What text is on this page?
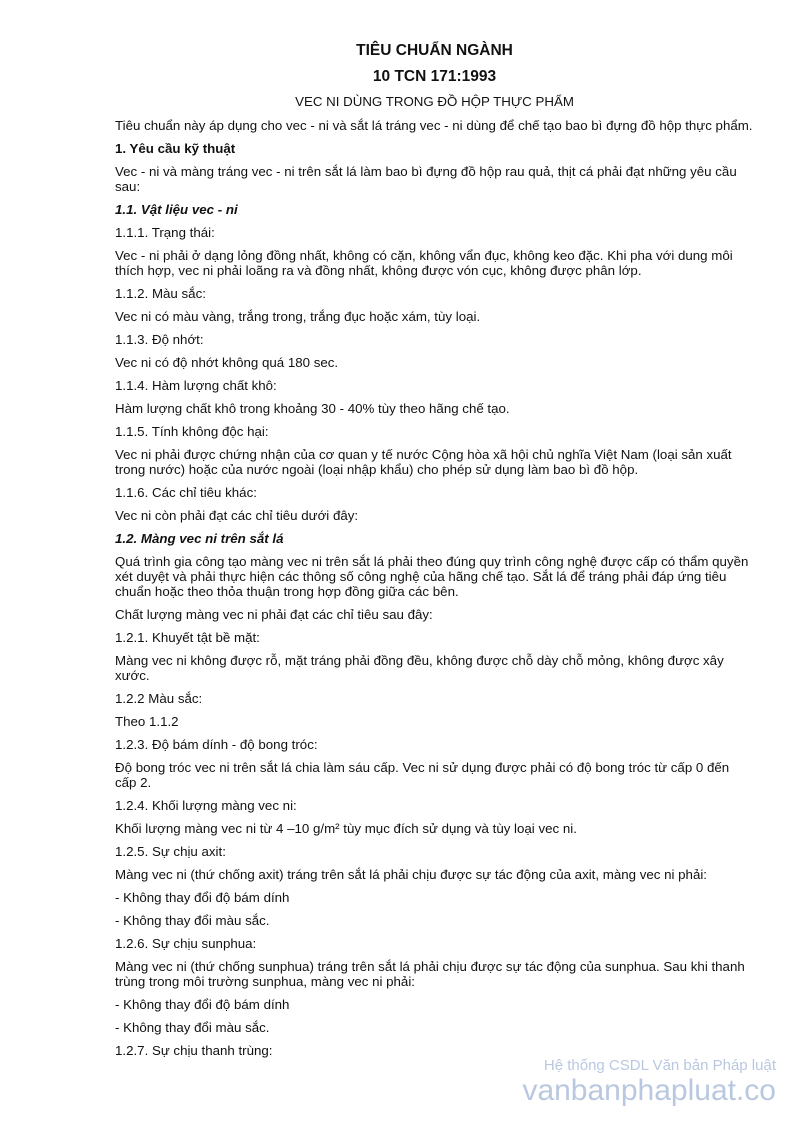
TIÊU CHUẨN NGÀNH
10 TCN 171:1993
VEC NI DÙNG TRONG ĐỒ HỘP THỰC PHẨM
Tiêu chuẩn này áp dụng cho vec - ni và sắt lá tráng vec - ni dùng để chế tạo bao bì đựng đồ hộp thực phẩm.
1. Yêu cầu kỹ thuật
Vec - ni và màng tráng vec - ni trên sắt lá làm bao bì đựng đồ hộp rau quả, thịt cá phải đạt những yêu cầu sau:
1.1. Vật liệu vec - ni
1.1.1. Trạng thái:
Vec - ni phải ở dạng lỏng đồng nhất, không có cặn, không vẩn đục, không keo đặc. Khi pha với dung môi thích hợp, vec ni phải loãng ra và đồng nhất, không được vón cục, không được phân lớp.
1.1.2. Màu sắc:
Vec ni có màu vàng, trắng trong, trắng đục hoặc xám, tùy loại.
1.1.3. Độ nhớt:
Vec ni có độ nhớt không quá 180 sec.
1.1.4. Hàm lượng chất khô:
Hàm lượng chất khô trong khoảng 30 - 40% tùy theo hãng chế tạo.
1.1.5. Tính không độc hại:
Vec ni phải được chứng nhận của cơ quan y tế nước Cộng hòa xã hội chủ nghĩa Việt Nam (loại sản xuất trong nước) hoặc của nước ngoài (loại nhập khẩu) cho phép sử dụng làm bao bì đồ hộp.
1.1.6. Các chỉ tiêu khác:
Vec ni còn phải đạt các chỉ tiêu dưới đây:
1.2. Màng vec ni trên sắt lá
Quá trình gia công tạo màng vec ni trên sắt lá phải theo đúng quy trình công nghệ được cấp có thẩm quyền xét duyệt và phải thực hiện các thông số công nghệ của hãng chế tạo. Sắt lá để tráng phải đáp ứng tiêu chuẩn hoặc theo thỏa thuận trong hợp đồng giữa các bên.
Chất lượng màng vec ni phải đạt các chỉ tiêu sau đây:
1.2.1. Khuyết tật bề mặt:
Màng vec ni không được rỗ, mặt tráng phải đồng đều, không được chỗ dày chỗ mỏng, không được xây xước.
1.2.2 Màu sắc:
Theo 1.1.2
1.2.3. Độ bám dính - độ bong tróc:
Độ bong tróc vec ni trên sắt lá chia làm sáu cấp. Vec ni sử dụng được phải có độ bong tróc từ cấp 0 đến cấp 2.
1.2.4. Khối lượng màng vec ni:
Khối lượng màng vec ni từ 4 –10 g/m² tùy mục đích sử dụng và tùy loại vec ni.
1.2.5. Sự chịu axit:
Màng vec ni (thứ chống axit) tráng trên sắt lá phải chịu được sự tác động của axit, màng vec ni phải:
- Không thay đổi độ bám dính
- Không thay đổi màu sắc.
1.2.6. Sự chịu sunphua:
Màng vec ni (thứ chống sunphua) tráng trên sắt lá phải chịu được sự tác động của sunphua. Sau khi thanh trùng trong môi trường sunphua, màng vec ni phải:
- Không thay đổi độ bám dính
- Không thay đổi màu sắc.
1.2.7. Sự chịu thanh trùng:
Hệ thống CSDL Văn bản Pháp luật
vanbanphapluat.co
